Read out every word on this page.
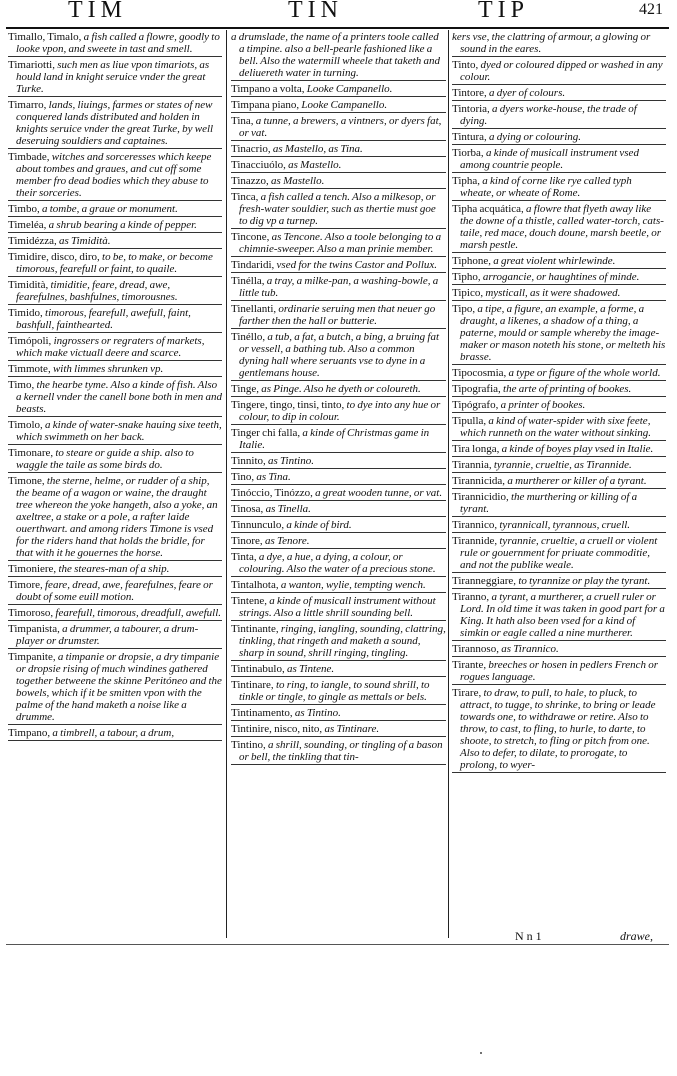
TIM	TIN	TIP	421

Timallo, Timalo, a fish called a flowre, goodly to looke vpon, and sweete in tast and smell.

Timariotti, such men as liue vpon timariots, as hould land in knight seruice vnder the great Turke.

Timarro, lands, liuings, farmes or states of new conquered lands distributed and holden in knights seruice vnder the great Turke, by well deseruing souldiers and captaines.

Timbade, witches and sorceresses which keepe about tombes and graues, and cut off some member fro dead bodies which they abuse to their sorceries.

Timbo, a tombe, a graue or monument.

Timeléa, a shrub bearing a kinde of pepper.

Timidézza, as Timidità.

Timidire, disco, diro, to be, to make, or become timorous, fearefull or faint, to quaile.

Timidità, timiditie, feare, dread, awe, fearefulnes, bashfulnes, timorousnes.

Timido, timorous, fearefull, awefull, faint, bashfull, fainthearted.

Timópoli, ingrossers or regraters of markets, which make victuall deere and scarce.

Timmote, with limmes shrunken vp.

Timo, the hearbe tyme. Also a kinde of fish. Also a kernell vnder the canell bone both in men and beasts.

Timolo, a kinde of water-snake hauing sixe teeth, which swimmeth on her back.

Timonare, to steare or guide a ship. also to waggle the taile as some birds do.

Timone, the sterne, helme, or rudder of a ship, the beame of a wagon or waine, the draught tree whereon the yoke hangeth, also a yoke, an axeltree, a stake or a pole, a rafter laide ouerthwart. and among riders Timone is vsed for the riders hand that holds the bridle, for that with it he gouernes the horse.

Timoniere, the steares-man of a ship.

Timore, feare, dread, awe, fearefulnes, feare or doubt of some euill motion.

Timoroso, fearefull, timorous, dreadfull, awefull.

Timpanista, a drummer, a tabourer, a drum-player or drumster.

Timpanite, a timpanie or dropsie, a dry timpanie or dropsie rising of much windines gathered together betweene the skinne Peritóneo and the bowels, which if it be smitten vpon with the palme of the hand maketh a noise like a drumme.

Timpano, a timbrell, a tabour, a drum,

a drumslade, the name of a printers toole called a timpine. also a bell-pearle fashioned like a bell. Also the watermill wheele that taketh and deliuereth water in turning.

Timpano a volta, Looke Campanello.

Timpana piano, Looke Campanello.

Tina, a tunne, a brewers, a vintners, or dyers fat, or vat.

Tinacrio, as Mastello, as Tina.

Tinacciuólo, as Mastello.

Tinazzo, as Mastello.

Tinca, a fish called a tench. Also a milkesop, or fresh-water souldier, such as thertie must goe to dig vp a turnep.

Tincone, as Tencone. Also a toole belonging to a chimnie-sweeper. Also a man prinie member.

Tindaridi, vsed for the twins Castor and Pollux.

Tinélla, a tray, a milke-pan, a washing-bowle, a little tub.

Tinellanti, ordinarie seruing men that neuer go farther then the hall or butterie.

Tinéllo, a tub, a fat, a butch, a bing, a bruing fat or vessell, a bathing tub. Also a common dyning hall where seruants vse to dyne in a gentlemans house.

Tinge, as Pinge. Also he dyeth or coloureth.

Tingere, tingo, tinsi, tinto, to dye into any hue or colour, to dip in colour.

Tinger chi falla, a kinde of Christmas game in Italie.

Tinnito, as Tintino.

Tino, as Tina.

Tinóccio, Tinózzo, a great wooden tunne, or vat.

Tinosa, as Tinella.

Tinnunculo, a kinde of bird.

Tinore, as Tenore.

Tinta, a dye, a hue, a dying, a colour, or colouring. Also the water of a precious stone.

Tintalhota, a wanton, wylie, tempting wench.

Tintene, a kinde of musicall instrument without strings. Also a little shrill sounding bell.

Tintinante, ringing, iangling, sounding, clattring, tinkling, that ringeth and maketh a sound, sharp in sound, shrill ringing, tingling.

Tintinabulo, as Tintene.

Tintinare, to ring, to iangle, to sound shrill, to tinkle or tingle, to gingle as mettals or bels.

Tintinamento, as Tintino.

Tintinire, nisco, nito, as Tintinare.

Tintino, a shrill, sounding, or tingling of a bason or bell, the tinkling that tin-

kers vse, the clattring of armour, a glowing or sound in the eares.

Tinto, dyed or coloured dipped or washed in any colour.

Tintore, a dyer of colours.

Tintoria, a dyers worke-house, the trade of dying.

Tintura, a dying or colouring.

Tiorba, a kinde of musicall instrument vsed among countrie people.

Tipha, a kind of corne like rye called typh wheate, or wheate of Rome.

Tipha acquática, a flowre that flyeth away like the downe of a thistle, called water-torch, cats-taile, red mace, douch doune, marsh beetle, or marsh pestle.

Tiphone, a great violent whirlewinde.

Tipho, arrogancie, or haughtines of minde.

Tipico, mysticall, as it were shadowed.

Tipo, a tipe, a figure, an example, a forme, a draught, a likenes, a shadow of a thing, a paterne, mould or sample whereby the image-maker or mason noteth his stone, or melteth his brasse.

Tipocosmia, a type or figure of the whole world.

Tipografia, the arte of printing of bookes.

Tipógrafo, a printer of bookes.

Tipulla, a kind of water-spider with sixe feete, which runneth on the water without sinking.

Tira longa, a kinde of boyes play vsed in Italie.

Tirannia, tyrannie, crueltie, as Tirannide.

Tirannicida, a murtherer or killer of a tyrant.

Tirannicidio, the murthering or killing of a tyrant.

Tirannico, tyrannicall, tyrannous, cruell.

Tirannide, tyrannie, crueltie, a cruell or violent rule or gouernment for priuate commoditie, and not the publike weale.

Tiranneggiare, to tyrannize or play the tyrant.

Tiranno, a tyrant, a murtherer, a cruell ruler or Lord. In old time it was taken in good part for a King. It hath also been vsed for a kind of simkin or eagle called a nine murtherer.

Tirannoso, as Tirannico.

Tirante, breeches or hosen in pedlers French or rogues language.

Tirare, to draw, to pull, to hale, to pluck, to attract, to tugge, to shrinke, to bring or leade towards one, to withdrawe or retire. Also to throw, to cast, to fling, to hurle, to darte, to shoote, to stretch, to fling or pitch from one. Also to defer, to dilate, to prorogate, to prolong, to wyer-

N n 1	drawe,
